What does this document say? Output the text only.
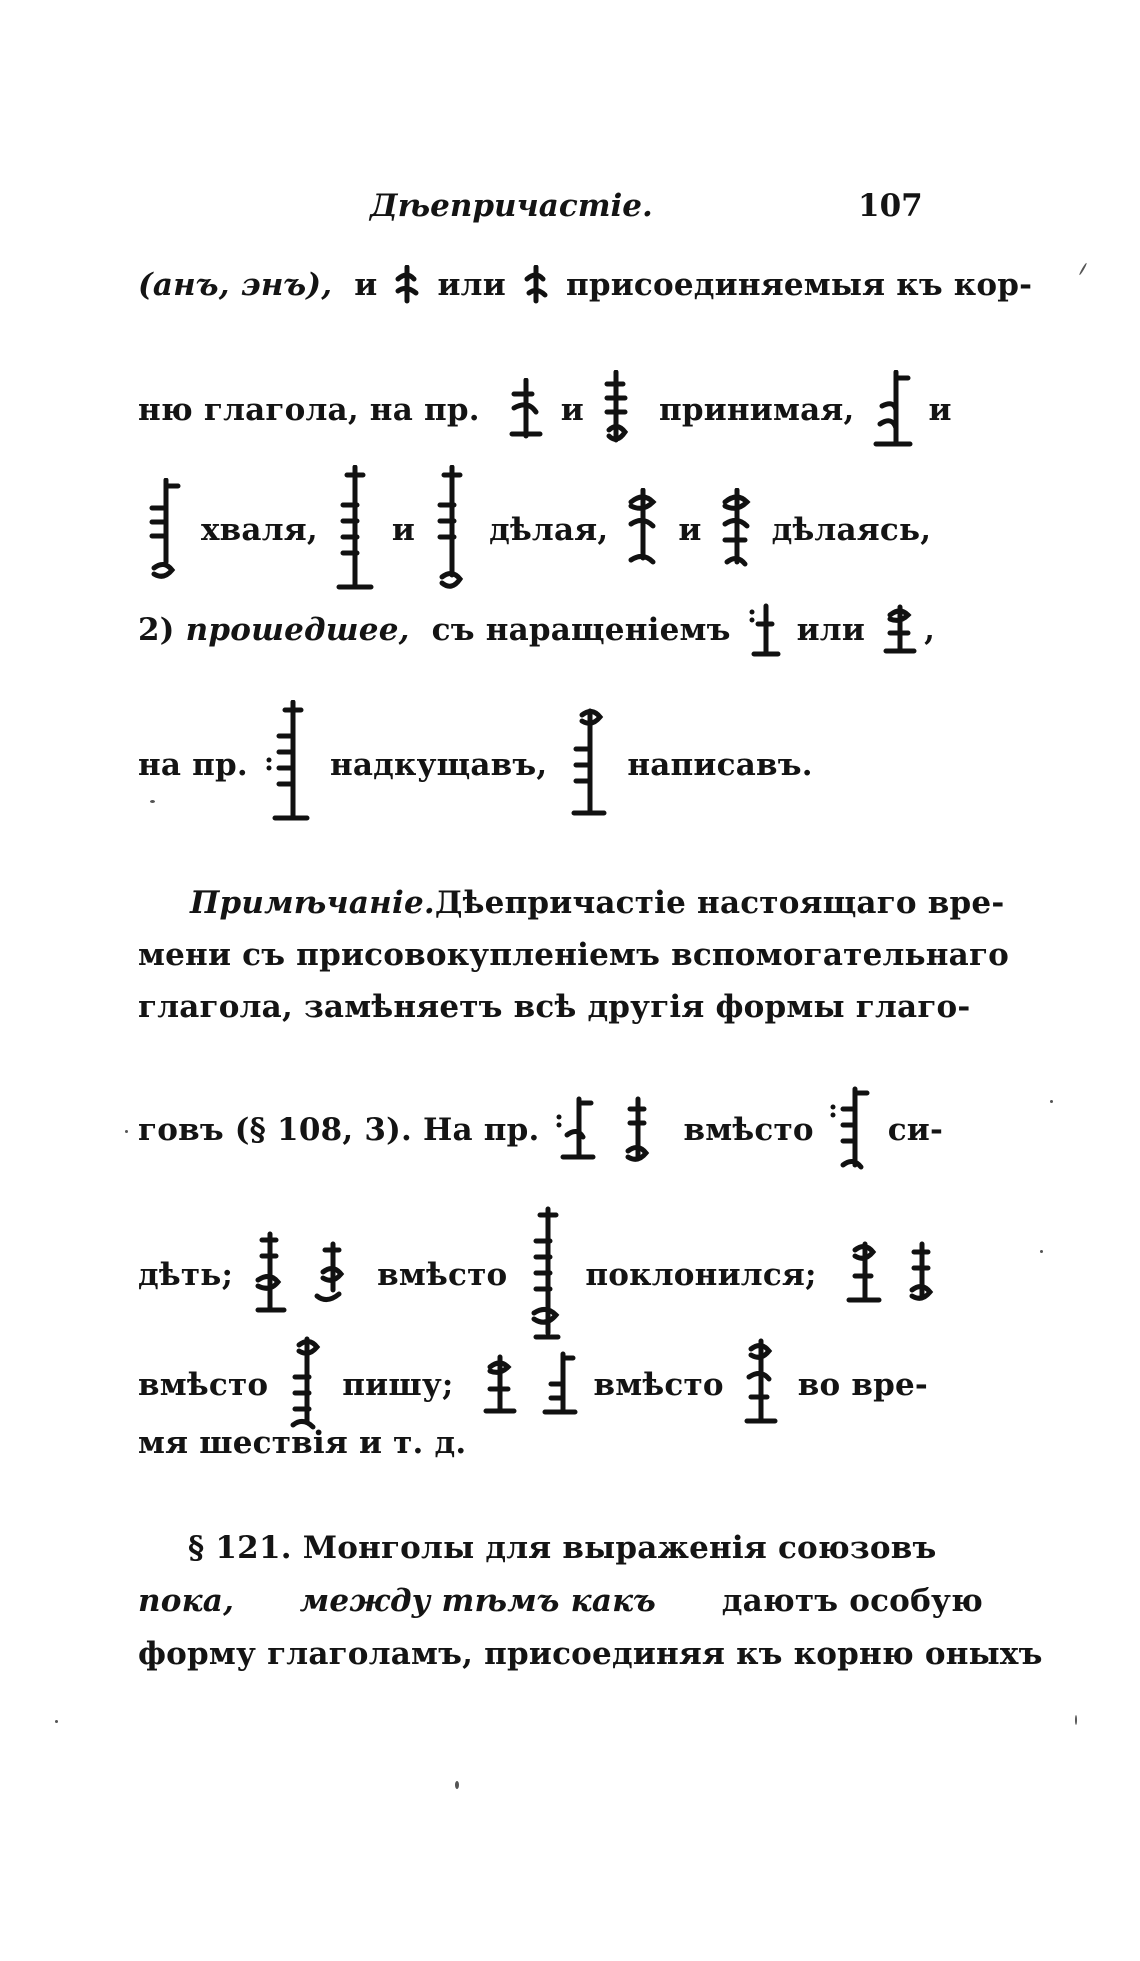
Дѣепричастіе.	107
(анъ, энъ),
и

или

присоединяемыя къ кор-
ню глагола, на пр.

	и

принимая,

и

хваля,

и

дѣлая,

и

дѣлаясь,
2)
прошедшее,
съ наращеніемъ

или
,
на пр.

	надкущавъ,

	написавъ.
Примѣчаніе. Дѣепричастіе настоящаго вре-
мени съ присовокупленіемъ вспомогательнаго
глагола, замѣняетъ всѣ другія формы глаго-
говъ (§ 108, 3). На пр.

	вмѣсто

си-
дѣть;

	вмѣсто

	поклонился;

вмѣсто

пишу;

	вмѣсто

во вре-
мя шествія и т. д.
§ 121. Монголы для выраженія союзовъ
пока, между тѣмъ какъ даютъ особую
форму глаголамъ, присоединяя къ корню оныхъ
